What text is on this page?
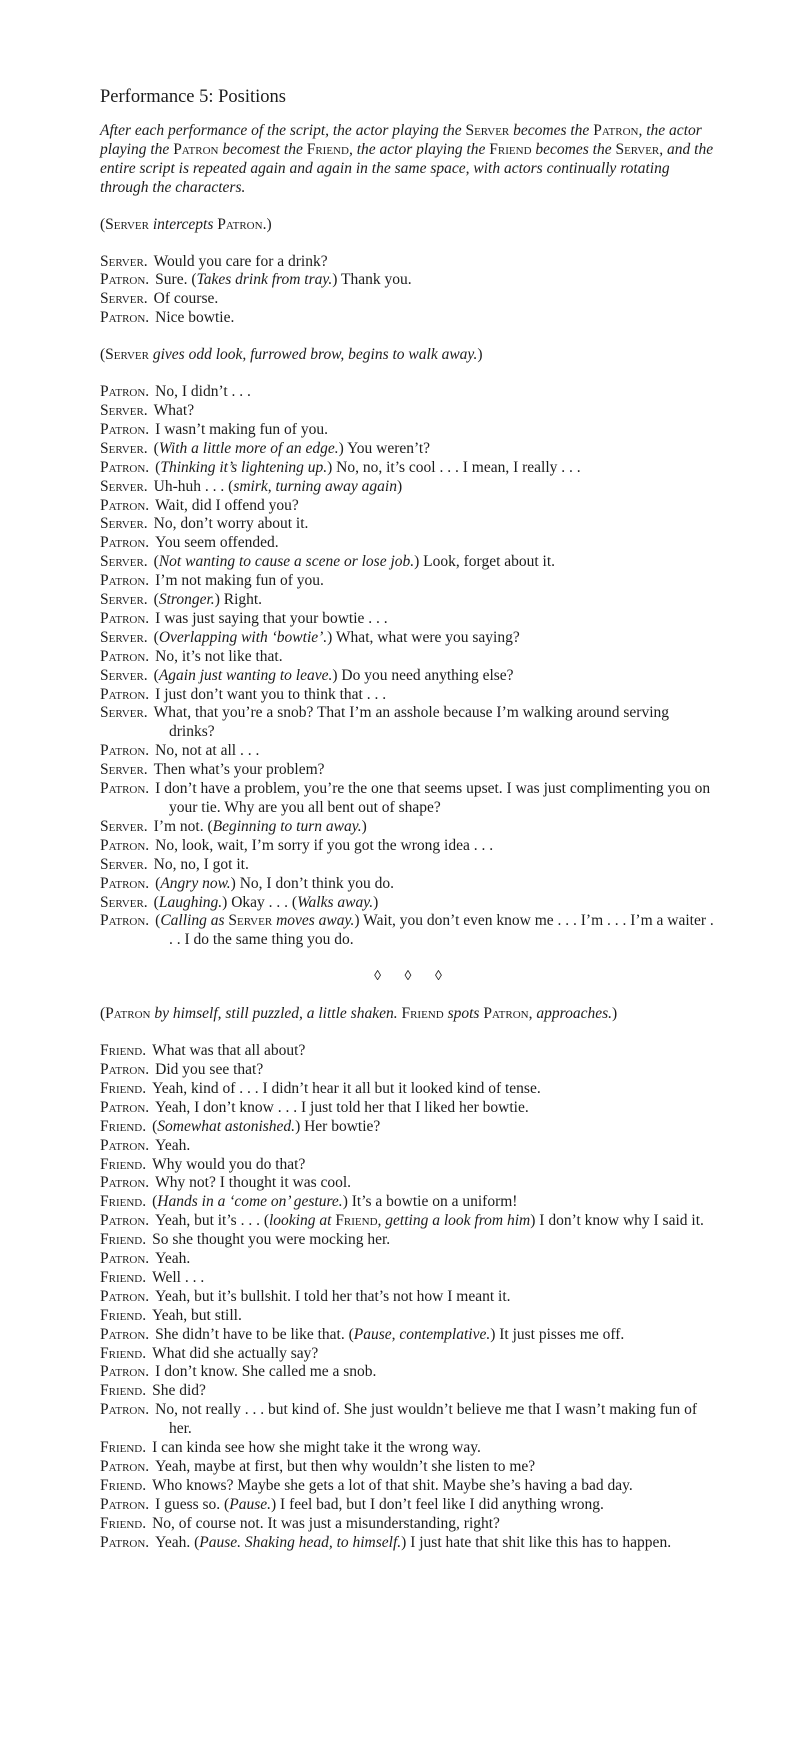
Performance 5: Positions

After each performance of the script, the actor playing the Server becomes the Patron, the actor playing the Patron becomest the Friend, the actor playing the Friend becomes the Server, and the entire script is repeated again and again in the same space, with actors continually rotating through the characters.

(Server intercepts Patron.)

Server. Would you care for a drink?
Patron. Sure. (Takes drink from tray.) Thank you.
Server. Of course.
Patron. Nice bowtie.

(Server gives odd look, furrowed brow, begins to walk away.)

Patron. No, I didn’t . . .
Server. What?
Patron. I wasn’t making fun of you.
Server. (With a little more of an edge.) You weren’t?
Patron. (Thinking it’s lightening up.) No, no, it’s cool . . . I mean, I really . . .
Server. Uh-huh . . . (smirk, turning away again)
Patron. Wait, did I offend you?
Server. No, don’t worry about it.
Patron. You seem offended.
Server. (Not wanting to cause a scene or lose job.) Look, forget about it.
Patron. I’m not making fun of you.
Server. (Stronger.) Right.
Patron. I was just saying that your bowtie . . .
Server. (Overlapping with ‘bowtie’.) What, what were you saying?
Patron. No, it’s not like that.
Server. (Again just wanting to leave.) Do you need anything else?
Patron. I just don’t want you to think that . . .
Server. What, that you’re a snob? That I’m an asshole because I’m walking around serving drinks?
Patron. No, not at all . . .
Server. Then what’s your problem?
Patron. I don’t have a problem, you’re the one that seems upset. I was just complimenting you on your tie. Why are you all bent out of shape?
Server. I’m not. (Beginning to turn away.)
Patron. No, look, wait, I’m sorry if you got the wrong idea . . .
Server. No, no, I got it.
Patron. (Angry now.) No, I don’t think you do.
Server. (Laughing.) Okay . . . (Walks away.)
Patron. (Calling as Server moves away.) Wait, you don’t even know me . . . I’m . . . I’m a waiter . . . I do the same thing you do.
◊ ◊ ◊

(Patron by himself, still puzzled, a little shaken. Friend spots Patron, approaches.)

Friend. What was that all about?
Patron. Did you see that?
Friend. Yeah, kind of . . . I didn’t hear it all but it looked kind of tense.
Patron. Yeah, I don’t know . . . I just told her that I liked her bowtie.
Friend. (Somewhat astonished.) Her bowtie?
Patron. Yeah.
Friend. Why would you do that?
Patron. Why not? I thought it was cool.
Friend. (Hands in a ‘come on’ gesture.) It’s a bowtie on a uniform!
Patron. Yeah, but it’s . . . (looking at Friend, getting a look from him) I don’t know why I said it.
Friend. So she thought you were mocking her.
Patron. Yeah.
Friend. Well . . .
Patron. Yeah, but it’s bullshit. I told her that’s not how I meant it.
Friend. Yeah, but still.
Patron. She didn’t have to be like that. (Pause, contemplative.) It just pisses me off.
Friend. What did she actually say?
Patron. I don’t know. She called me a snob.
Friend. She did?
Patron. No, not really . . . but kind of. She just wouldn’t believe me that I wasn’t making fun of her.
Friend. I can kinda see how she might take it the wrong way.
Patron. Yeah, maybe at first, but then why wouldn’t she listen to me?
Friend. Who knows? Maybe she gets a lot of that shit. Maybe she’s having a bad day.
Patron. I guess so. (Pause.) I feel bad, but I don’t feel like I did anything wrong.
Friend. No, of course not. It was just a misunderstanding, right?
Patron. Yeah. (Pause. Shaking head, to himself.) I just hate that shit like this has to happen.
